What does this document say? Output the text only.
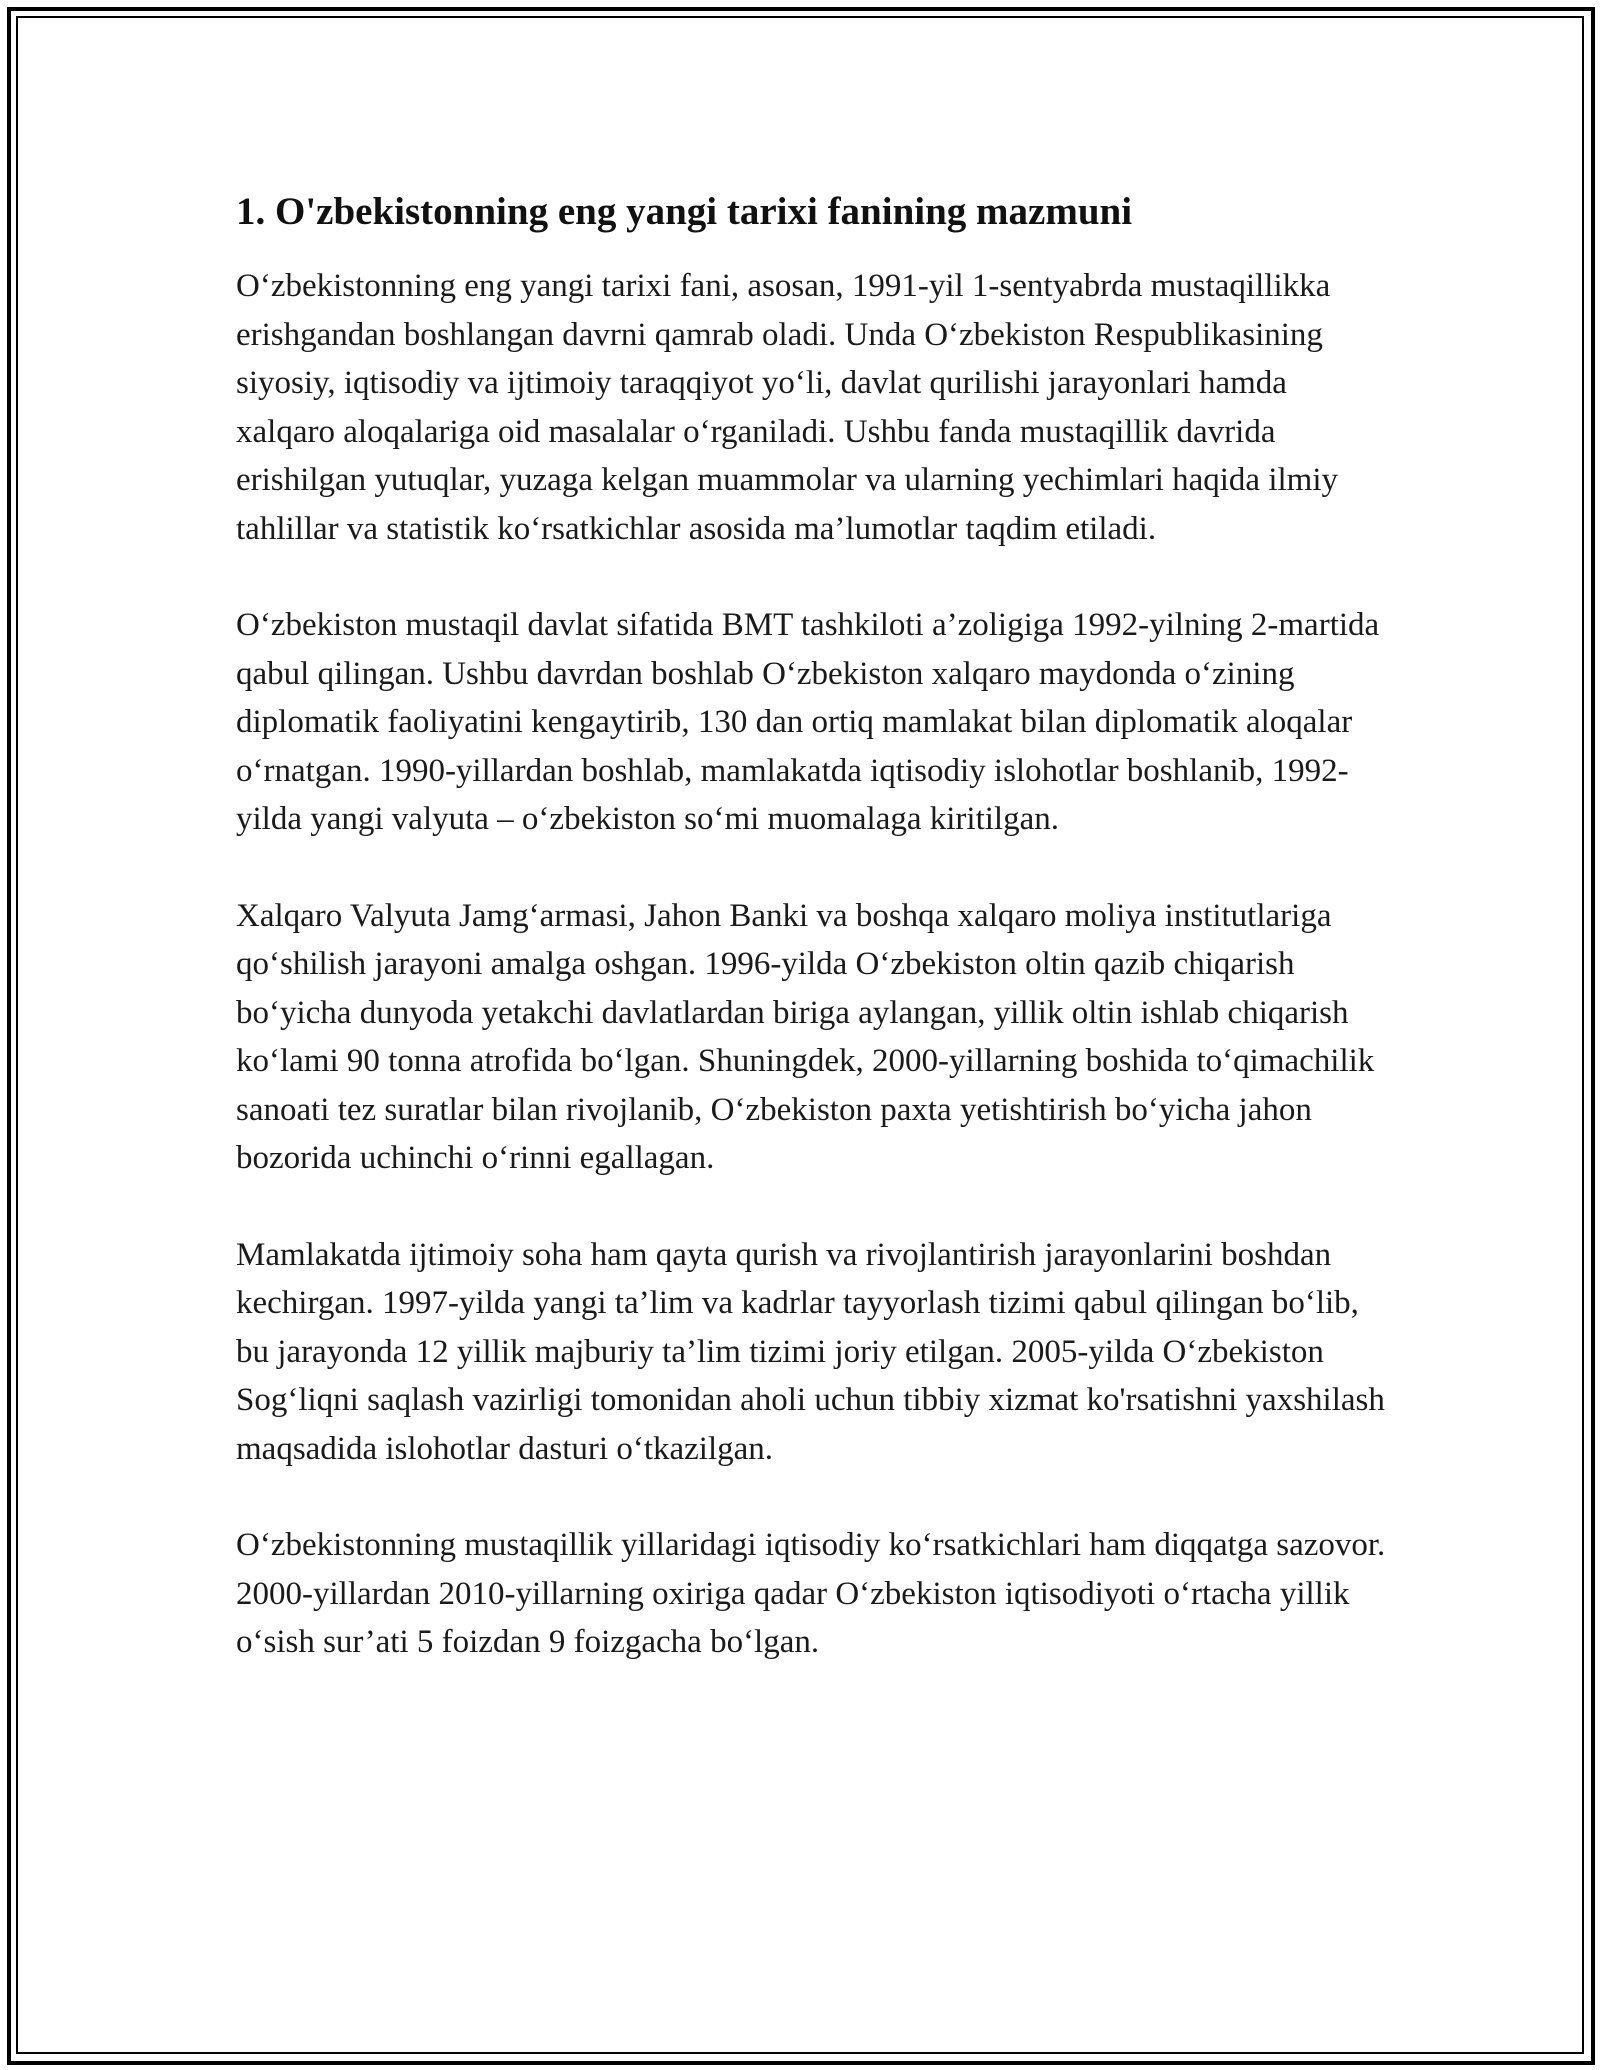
1. O'zbekistonning eng yangi tarixi fanining mazmuni

O‘zbekistonning eng yangi tarixi fani, asosan, 1991-yil 1-sentyabrda mustaqillikka erishgandan boshlangan davrni qamrab oladi. Unda O‘zbekiston Respublikasining siyosiy, iqtisodiy va ijtimoiy taraqqiyot yo‘li, davlat qurilishi jarayonlari hamda xalqaro aloqalariga oid masalalar o‘rganiladi. Ushbu fanda mustaqillik davrida erishilgan yutuqlar, yuzaga kelgan muammolar va ularning yechimlari haqida ilmiy tahlillar va statistik ko‘rsatkichlar asosida ma’lumotlar taqdim etiladi.

O‘zbekiston mustaqil davlat sifatida BMT tashkiloti a’zoligiga 1992-yilning 2-martida qabul qilingan. Ushbu davrdan boshlab O‘zbekiston xalqaro maydonda o‘zining diplomatik faoliyatini kengaytirib, 130 dan ortiq mamlakat bilan diplomatik aloqalar o‘rnatgan. 1990-yillardan boshlab, mamlakatda iqtisodiy islohotlar boshlanib, 1992-yilda yangi valyuta – o‘zbekiston so‘mi muomalaga kiritilgan.

Xalqaro Valyuta Jamg‘armasi, Jahon Banki va boshqa xalqaro moliya institutlariga qo‘shilish jarayoni amalga oshgan. 1996-yilda O‘zbekiston oltin qazib chiqarish bo‘yicha dunyoda yetakchi davlatlardan biriga aylangan, yillik oltin ishlab chiqarish ko‘lami 90 tonna atrofida bo‘lgan. Shuningdek, 2000-yillarning boshida to‘qimachilik sanoati tez suratlar bilan rivojlanib, O‘zbekiston paxta yetishtirish bo‘yicha jahon bozorida uchinchi o‘rinni egallagan.

Mamlakatda ijtimoiy soha ham qayta qurish va rivojlantirish jarayonlarini boshdan kechirgan. 1997-yilda yangi ta’lim va kadrlar tayyorlash tizimi qabul qilingan bo‘lib, bu jarayonda 12 yillik majburiy ta’lim tizimi joriy etilgan. 2005-yilda O‘zbekiston Sog‘liqni saqlash vazirligi tomonidan aholi uchun tibbiy xizmat ko'rsatishni yaxshilash maqsadida islohotlar dasturi o‘tkazilgan.

O‘zbekistonning mustaqillik yillaridagi iqtisodiy ko‘rsatkichlari ham diqqatga sazovor. 2000-yillardan 2010-yillarning oxiriga qadar O‘zbekiston iqtisodiyoti o‘rtacha yillik o‘sish sur’ati 5 foizdan 9 foizgacha bo‘lgan.
